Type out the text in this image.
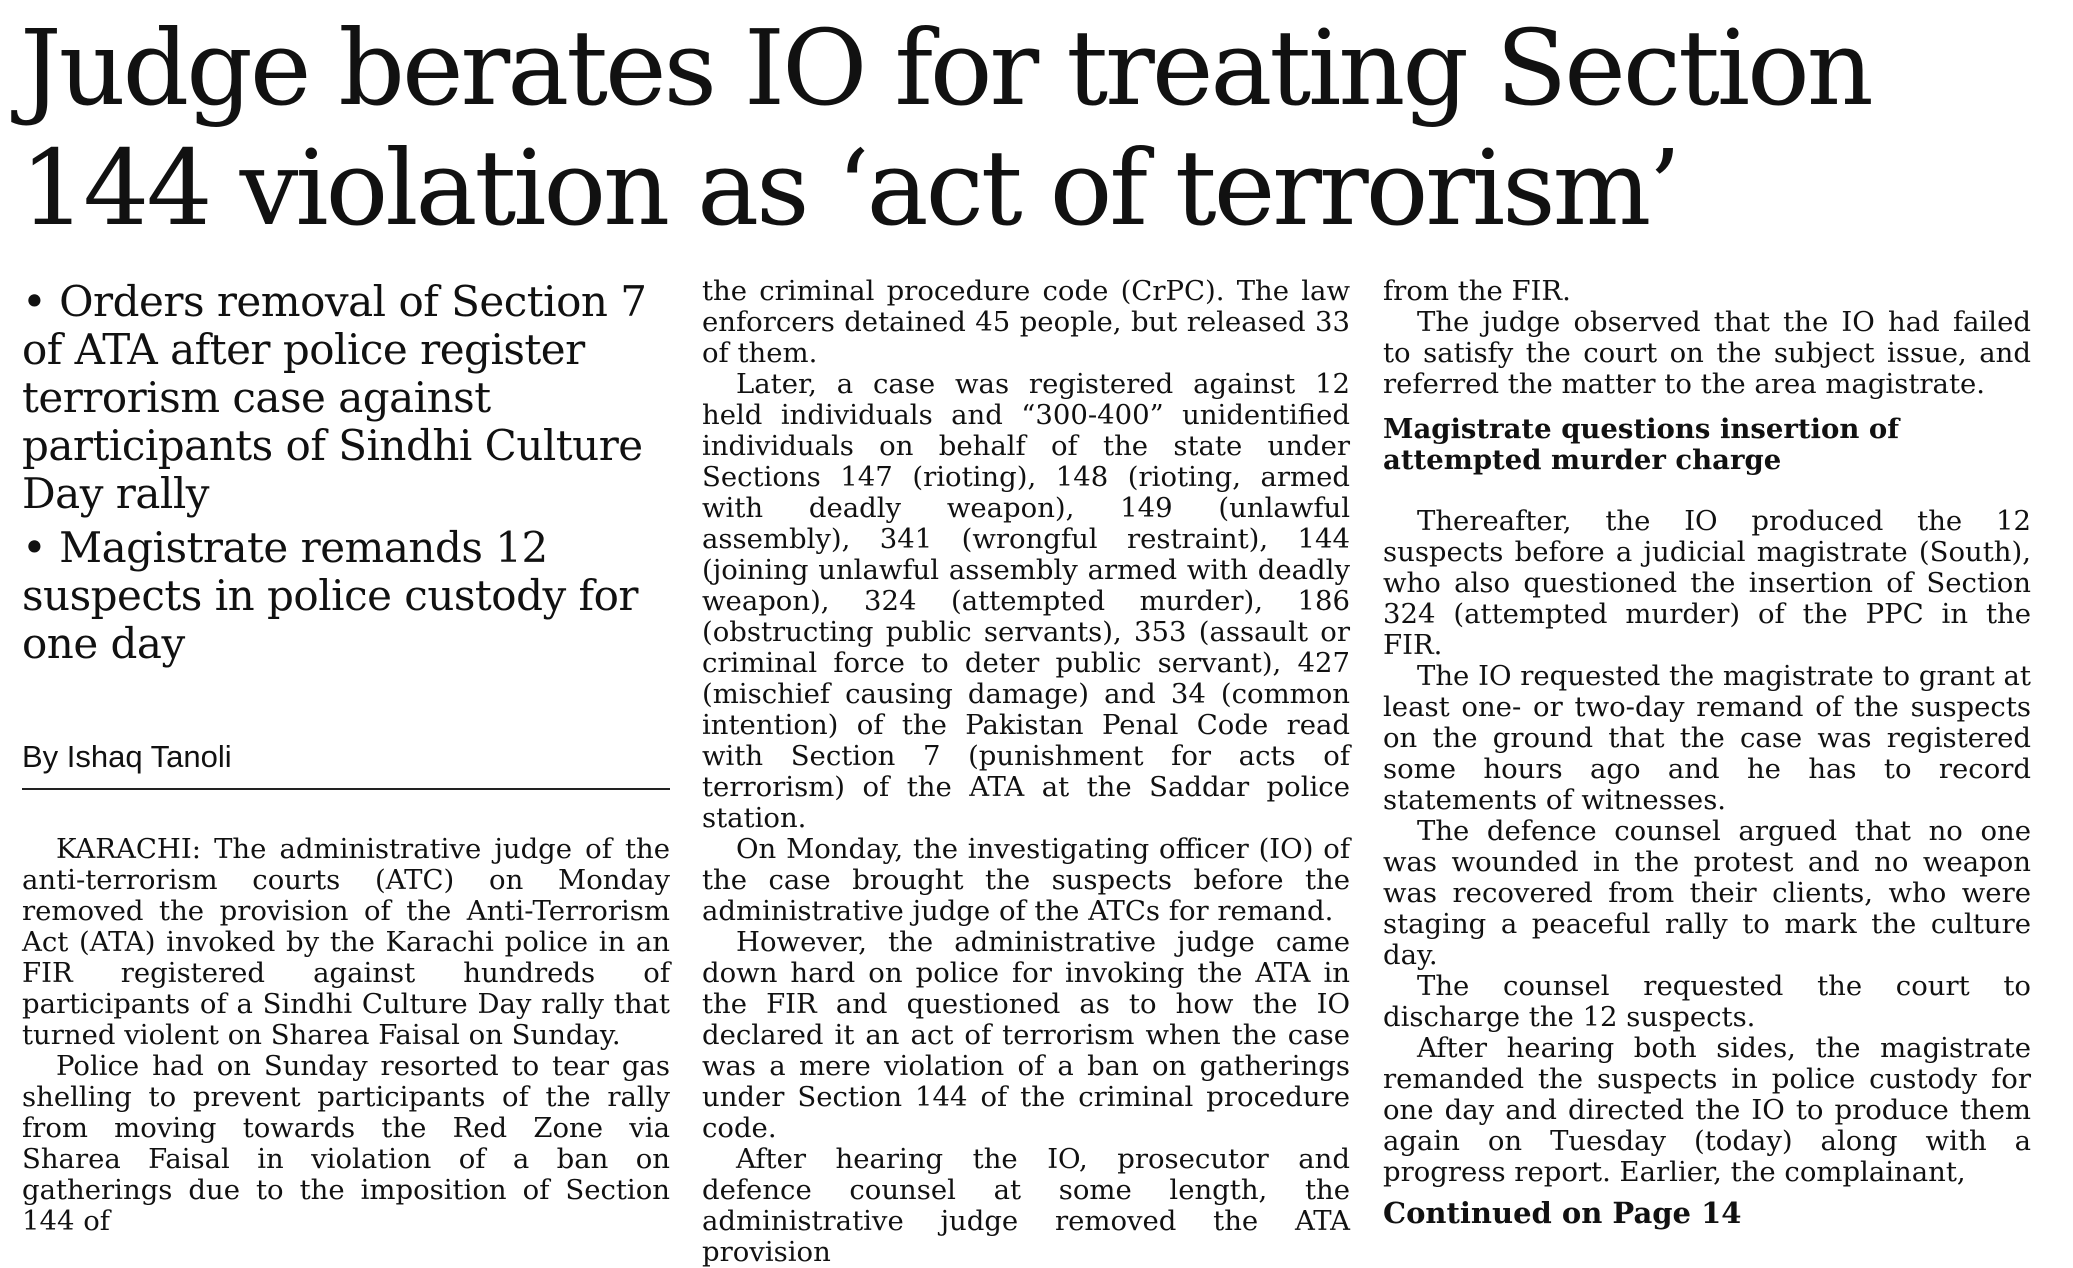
Judge berates IO for treating Section
144 violation as ‘act of terrorism’
• Orders removal of Section 7 of ATA after police register terrorism case against participants of Sindhi Culture Day rally
• Magistrate remands 12 suspects in police custody for one day
By Ishaq Tanoli

KARACHI: The administrative judge of the anti-terrorism courts (ATC) on Monday removed the provision of the Anti-Terrorism Act (ATA) invoked by the Karachi police in an FIR registered against hundreds of participants of a Sindhi Culture Day rally that turned violent on Sharea Faisal on Sunday.

Police had on Sunday resorted to tear gas shelling to prevent participants of the rally from moving towards the Red Zone via Sharea Faisal in violation of a ban on gatherings due to the imposition of Section 144 of

the criminal procedure code (CrPC). The law enforcers detained 45 people, but released 33 of them.

Later, a case was registered against 12 held individuals and “300-400” unidentified individuals on behalf of the state under Sections 147 (rioting), 148 (rioting, armed with deadly weapon), 149 (unlawful assembly), 341 (wrongful restraint), 144 (joining unlawful assembly armed with deadly weapon), 324 (attempted murder), 186 (obstructing public servants), 353 (assault or criminal force to deter public servant), 427 (mischief causing damage) and 34 (common intention) of the Pakistan Penal Code read with Section 7 (punishment for acts of terrorism) of the ATA at the Saddar police station.

On Monday, the investigating officer (IO) of the case brought the suspects before the administrative judge of the ATCs for remand.

However, the administrative judge came down hard on police for invoking the ATA in the FIR and questioned as to how the IO declared it an act of terrorism when the case was a mere violation of a ban on gatherings under Section 144 of the criminal procedure code.

After hearing the IO, prosecutor and defence counsel at some length, the administrative judge removed the ATA provision

from the FIR.

The judge observed that the IO had failed to satisfy the court on the subject issue, and referred the matter to the area magistrate.

Magistrate questions insertion of attempted murder charge

Thereafter, the IO produced the 12 suspects before a judicial magistrate (South), who also questioned the insertion of Section 324 (attempted murder) of the PPC in the FIR.

The IO requested the magistrate to grant at least one- or two-day remand of the suspects on the ground that the case was registered some hours ago and he has to record statements of witnesses.

The defence counsel argued that no one was wounded in the protest and no weapon was recovered from their clients, who were staging a peaceful rally to mark the culture day.

The counsel requested the court to discharge the 12 suspects.

After hearing both sides, the magistrate remanded the suspects in police custody for one day and directed the IO to produce them again on Tuesday (today) along with a progress report. Earlier, the complainant,

Continued on Page 14
